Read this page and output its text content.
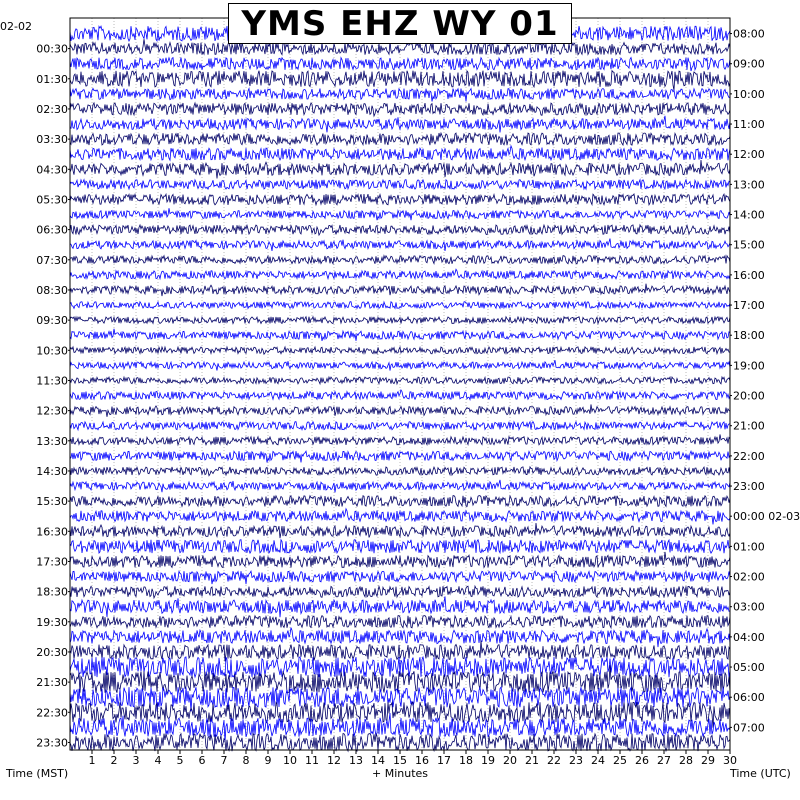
00:30
01:30
02:30
03:30
04:30
05:30
06:30
07:30
08:30
09:30
10:30
11:30
12:30
13:30
14:30
15:30
16:30
17:30
18:30
19:30
20:30
21:30
22:30
23:30
08:00
09:00
10:00
11:00
12:00
13:00
14:00
15:00
16:00
17:00
18:00
19:00
20:00
21:00
22:00
23:00
00:00 02-03
01:00
02:00
03:00
04:00
05:00
06:00
07:00
1 2 3 4 5 6 7 8 9 10 11 12 13 14 15 16 17 18 19 20 21 22 23 24 25 26 27 28 29 30
YMS EHZ WY 01
02-02
Time (MST)	+ Minutes	Time (UTC)
